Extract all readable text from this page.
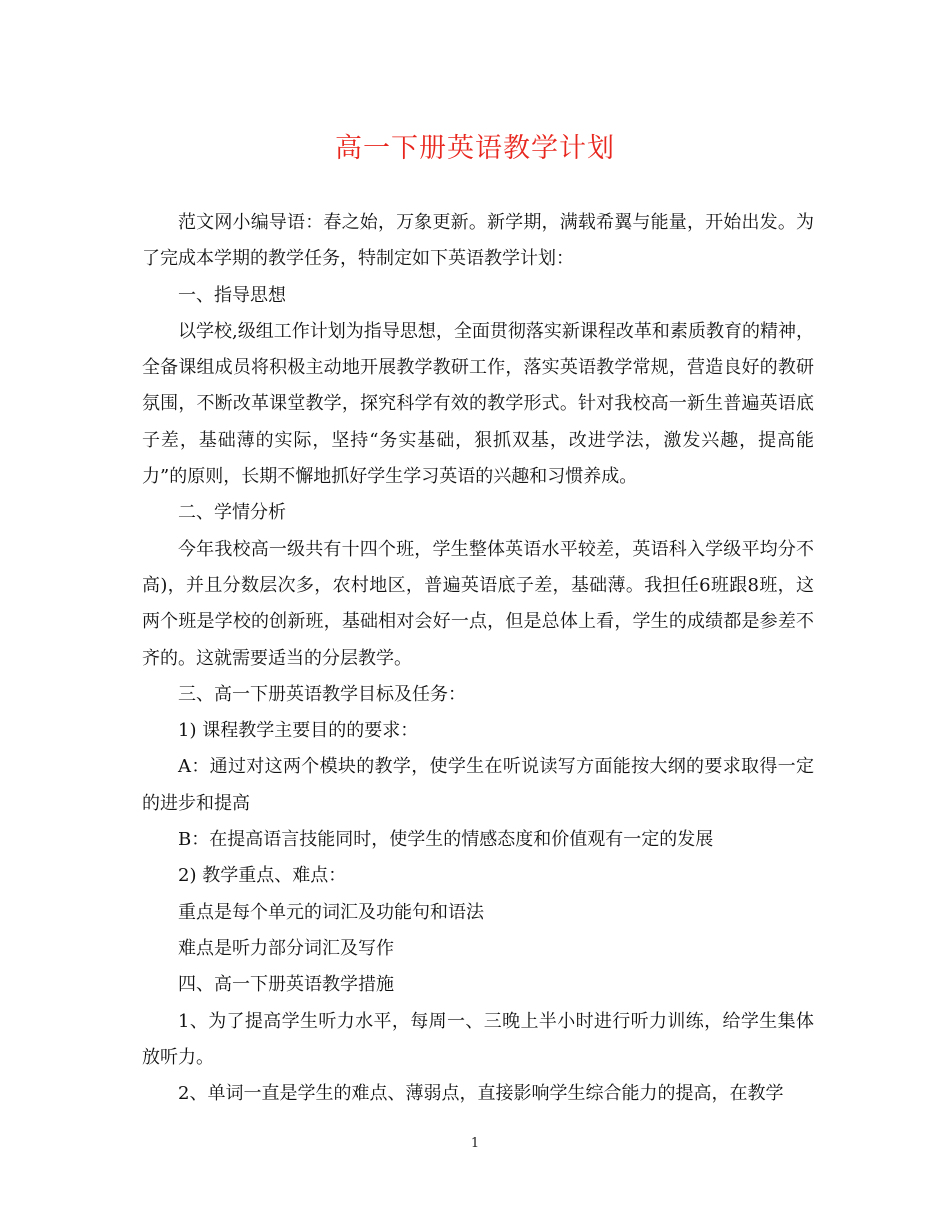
高一下册英语教学计划

范文网小编导语：春之始，万象更新。新学期，满载希翼与能量，开始出发。为了完成本学期的教学任务，特制定如下英语教学计划：

一、指导思想

以学校,级组工作计划为指导思想，全面贯彻落实新课程改革和素质教育的精神，全备课组成员将积极主动地开展教学教研工作，落实英语教学常规，营造良好的教研氛围，不断改革课堂教学，探究科学有效的教学形式。针对我校高一新生普遍英语底子差，基础薄的实际，坚持“务实基础，狠抓双基，改进学法，激发兴趣，提高能力”的原则，长期不懈地抓好学生学习英语的兴趣和习惯养成。

二、学情分析

今年我校高一级共有十四个班，学生整体英语水平较差，英语科入学级平均分不高)，并且分数层次多，农村地区，普遍英语底子差，基础薄。我担任6班跟8班，这两个班是学校的创新班，基础相对会好一点，但是总体上看，学生的成绩都是参差不齐的。这就需要适当的分层教学。

三、高一下册英语教学目标及任务：

1) 课程教学主要目的的要求：

A：通过对这两个模块的教学，使学生在听说读写方面能按大纲的要求取得一定的进步和提高

B：在提高语言技能同时，使学生的情感态度和价值观有一定的发展

2) 教学重点、难点：

重点是每个单元的词汇及功能句和语法

难点是听力部分词汇及写作

四、高一下册英语教学措施

1、为了提高学生听力水平，每周一、三晚上半小时进行听力训练，给学生集体放听力。

2、单词一直是学生的难点、薄弱点，直接影响学生综合能力的提高，在教学

1
